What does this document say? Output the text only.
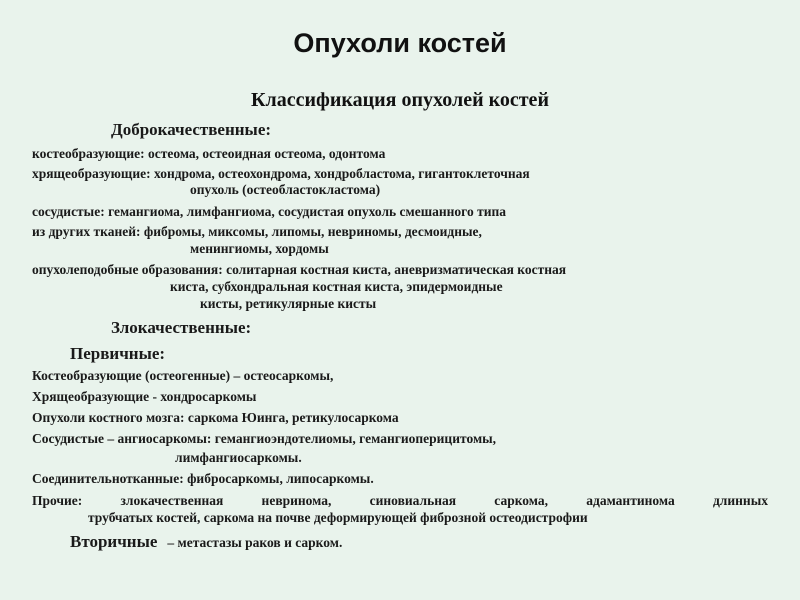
Опухоли костей
Классификация опухолей костей
Доброкачественные:
костеобразующие: остеома, остеоидная остеома, одонтома
хрящеобразующие: хондрома, остеохондрома, хондробластома, гигантоклеточная
опухоль (остеобластокластома)
сосудистые: гемангиома, лимфангиома, сосудистая опухоль смешанного типа
из других тканей: фибромы, миксомы, липомы, невриномы, десмоидные,
менингиомы, хордомы
опухолеподобные образования: солитарная костная киста, аневризматическая костная
киста, субхондральная костная киста, эпидермоидные
кисты, ретикулярные кисты
Злокачественные:
Первичные:
Костеобразующие (остеогенные) – остеосаркомы,
Хрящеобразующие - хондросаркомы
Опухоли костного мозга: саркома Юинга, ретикулосаркома
Сосудистые – ангиосаркомы: гемангиоэндотелиомы, гемангиоперицитомы,
лимфангиосаркомы.
Соединительнотканные: фибросаркомы, липосаркомы.
Прочие: злокачественная невринома, синовиальная саркома, адамантинома длинных
трубчатых костей, саркома на почве деформирующей фиброзной остеодистрофии
Вторичные – метастазы раков и сарком.
